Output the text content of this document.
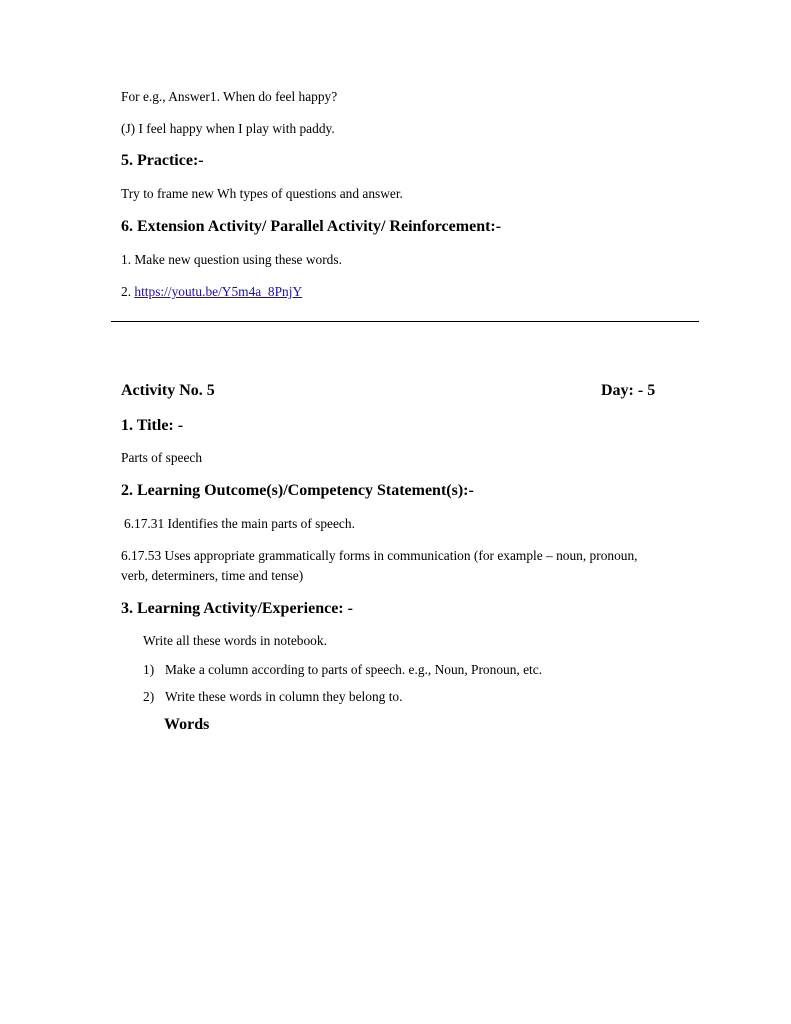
For e.g., Answer1. When do feel happy?

(J) I feel happy when I play with paddy.

5. Practice:-

Try to frame new Wh types of questions and answer.

6. Extension Activity/ Parallel Activity/ Reinforcement:-

1. Make new question using these words.

2. https://youtu.be/Y5m4a_8PnjY

Activity No. 5	Day: - 5

1. Title: -

Parts of speech

2. Learning Outcome(s)/Competency Statement(s):-

6.17.31 Identifies the main parts of speech.

6.17.53 Uses appropriate grammatically forms in communication (for example – noun, pronoun, verb, determiners, time and tense)

3. Learning Activity/Experience: -

Write all these words in notebook.

1) Make a column according to parts of speech. e.g., Noun, Pronoun, etc.

2) Write these words in column they belong to.

Words
